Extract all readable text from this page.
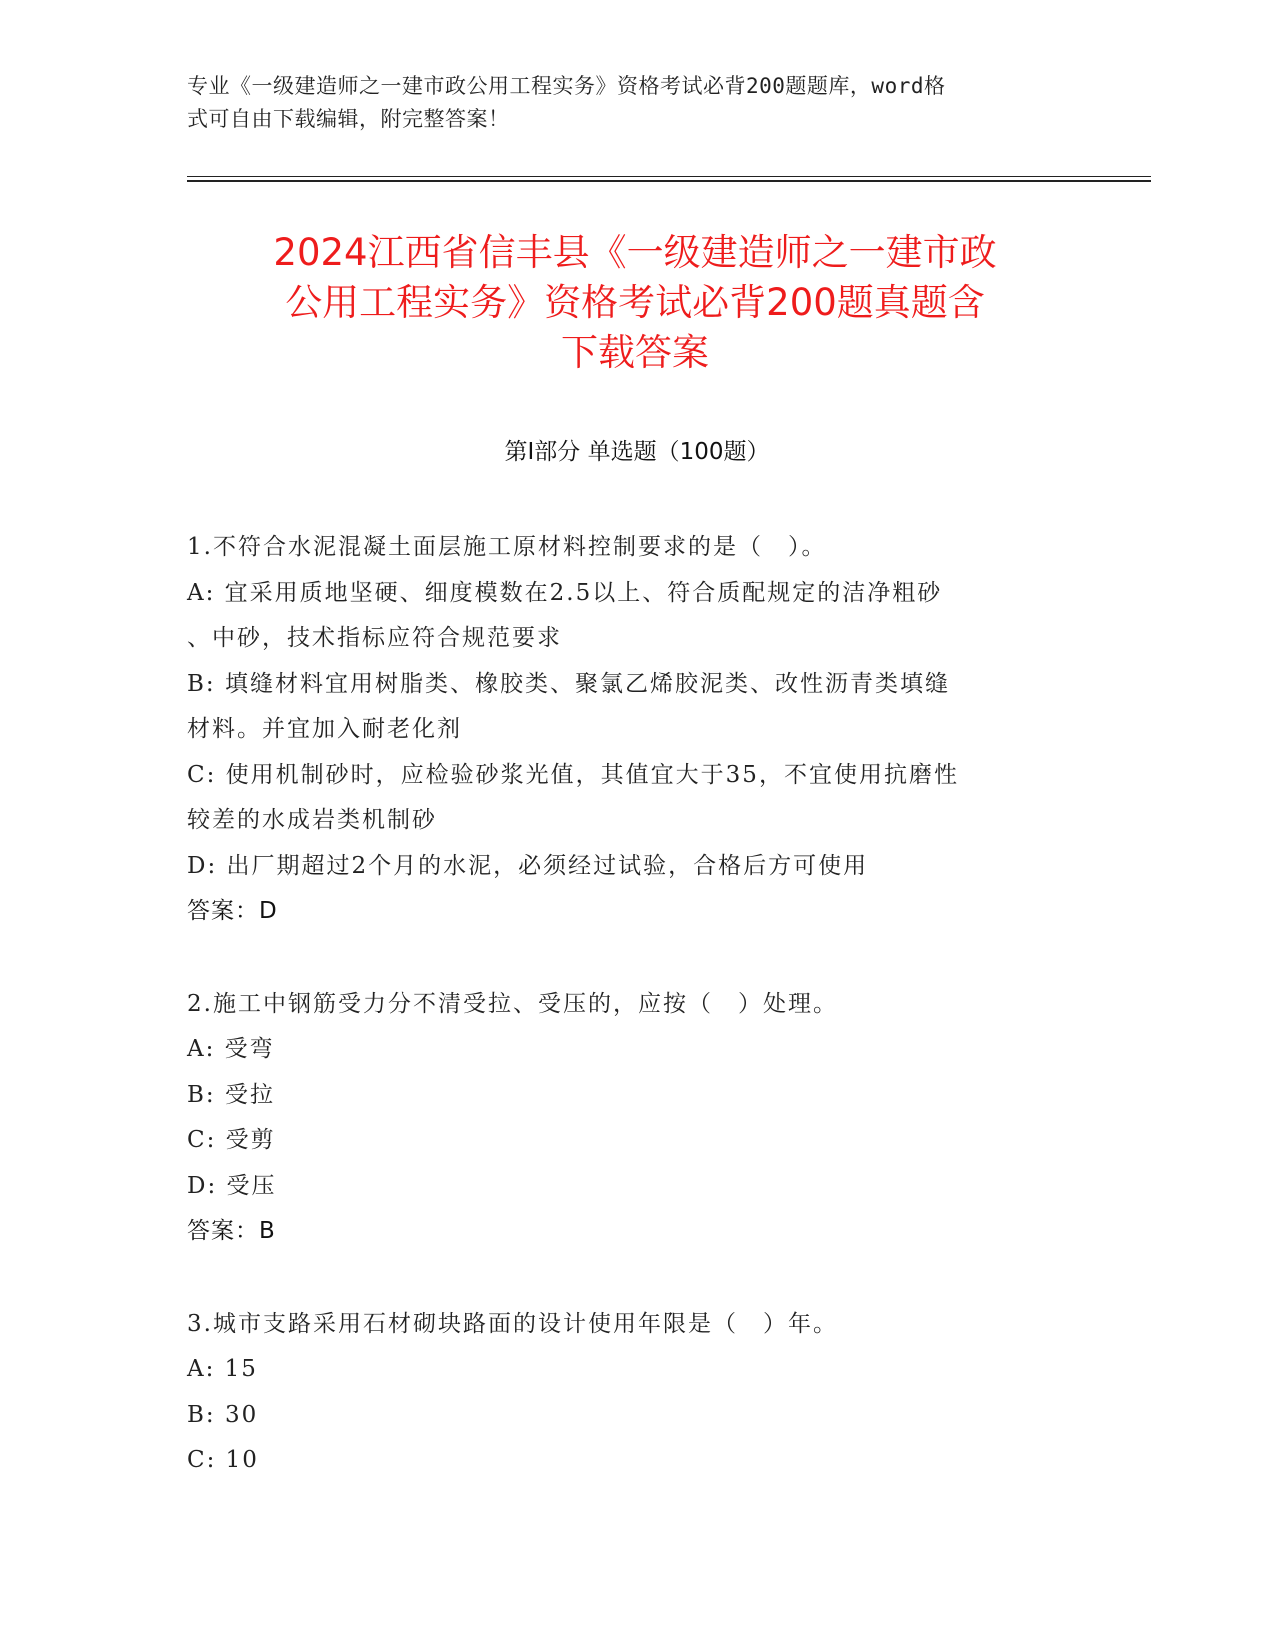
专业《一级建造师之一建市政公用工程实务》资格考试必背200题题库，word格
式可自由下载编辑，附完整答案！
2024江西省信丰县《一级建造师之一建市政
公用工程实务》资格考试必背200题真题含
下载答案
第Ⅰ部分 单选题（100题）
1.不符合水泥混凝土面层施工原材料控制要求的是（　）。
A: 宜采用质地坚硬、细度模数在2.5以上、符合质配规定的洁净粗砂
、中砂，技术指标应符合规范要求
B: 填缝材料宜用树脂类、橡胶类、聚氯乙烯胶泥类、改性沥青类填缝
材料。并宜加入耐老化剂
C: 使用机制砂时，应检验砂浆光值，其值宜大于35，不宜使用抗磨性
较差的水成岩类机制砂
D: 出厂期超过2个月的水泥，必须经过试验，合格后方可使用
答案：D
2.施工中钢筋受力分不清受拉、受压的，应按（　）处理。
A: 受弯
B: 受拉
C: 受剪
D: 受压
答案：B
3.城市支路采用石材砌块路面的设计使用年限是（　）年。
A: 15
B: 30
C: 10
